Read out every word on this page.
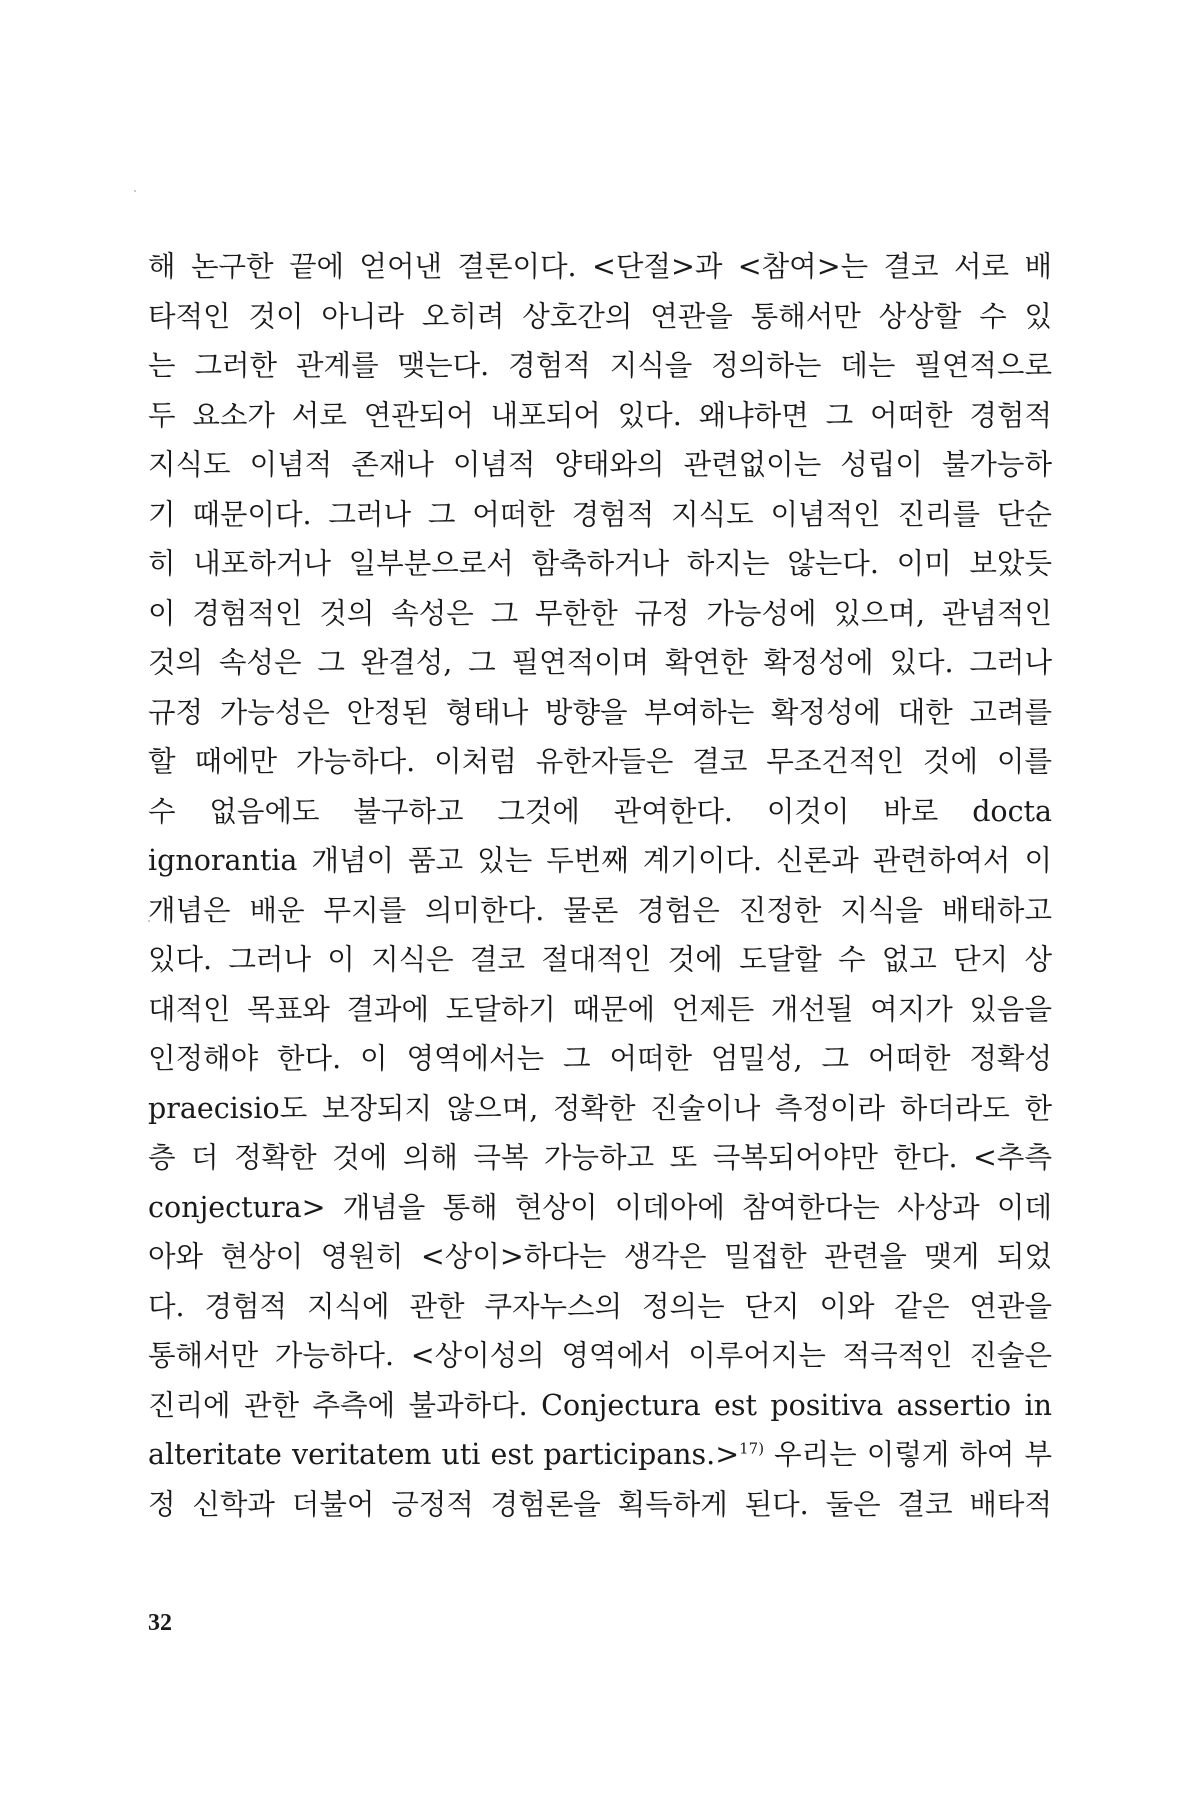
해 논구한 끝에 얻어낸 결론이다. <단절>과 <참여>는 결코 서로 배
타적인 것이 아니라 오히려 상호간의 연관을 통해서만 상상할 수 있
는 그러한 관계를 맺는다. 경험적 지식을 정의하는 데는 필연적으로
두 요소가 서로 연관되어 내포되어 있다. 왜냐하면 그 어떠한 경험적
지식도 이념적 존재나 이념적 양태와의 관련없이는 성립이 불가능하
기 때문이다. 그러나 그 어떠한 경험적 지식도 이념적인 진리를 단순
히 내포하거나 일부분으로서 함축하거나 하지는 않는다. 이미 보았듯
이 경험적인 것의 속성은 그 무한한 규정 가능성에 있으며, 관념적인
것의 속성은 그 완결성, 그 필연적이며 확연한 확정성에 있다. 그러나
규정 가능성은 안정된 형태나 방향을 부여하는 확정성에 대한 고려를
할 때에만 가능하다. 이처럼 유한자들은 결코 무조건적인 것에 이를
수 없음에도 불구하고 그것에 관여한다. 이것이 바로 docta
ignorantia 개념이 품고 있는 두번째 계기이다. 신론과 관련하여서 이
개념은 배운 무지를 의미한다. 물론 경험은 진정한 지식을 배태하고
있다. 그러나 이 지식은 결코 절대적인 것에 도달할 수 없고 단지 상
대적인 목표와 결과에 도달하기 때문에 언제든 개선될 여지가 있음을
인정해야 한다. 이 영역에서는 그 어떠한 엄밀성, 그 어떠한 정확성
praecisio도 보장되지 않으며, 정확한 진술이나 측정이라 하더라도 한
층 더 정확한 것에 의해 극복 가능하고 또 극복되어야만 한다. <추측
conjectura> 개념을 통해 현상이 이데아에 참여한다는 사상과 이데
아와 현상이 영원히 <상이>하다는 생각은 밀접한 관련을 맺게 되었
다. 경험적 지식에 관한 쿠자누스의 정의는 단지 이와 같은 연관을
통해서만 가능하다. <상이성의 영역에서 이루어지는 적극적인 진술은
진리에 관한 추측에 불과하다. Conjectura est positiva assertio in
alteritate veritatem uti est participans.>$^{17)}$ 우리는 이렇게 하여 부
정 신학과 더불어 긍정적 경험론을 획득하게 된다. 둘은 결코 배타적
32
